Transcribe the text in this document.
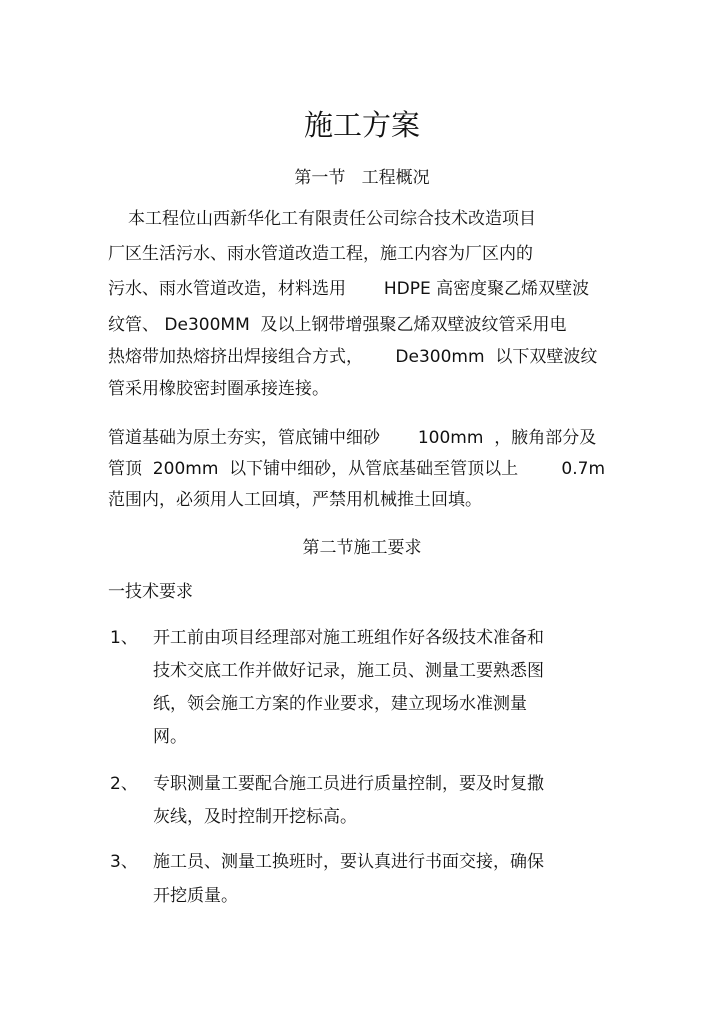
施工方案
第一节   工程概况
本工程位山西新华化工有限责任公司综合技术改造项目
厂区生活污水、雨水管道改造工程，施工内容为厂区内的
污水、雨水管道改造，材料选用       HDPE 高密度聚乙烯双壁波
纹管、 De300MM  及以上钢带增强聚乙烯双壁波纹管采用电
热熔带加热熔挤出焊接组合方式，      De300mm  以下双壁波纹
管采用橡胶密封圈承接连接。
管道基础为原土夯实，管底铺中细砂       100mm  ，腋角部分及
管顶  200mm  以下铺中细砂，从管底基础至管顶以上        0.7m
范围内，必须用人工回填，严禁用机械推土回填。
第二节施工要求
一技术要求
1、 开工前由项目经理部对施工班组作好各级技术准备和
技术交底工作并做好记录，施工员、测量工要熟悉图
纸，领会施工方案的作业要求，建立现场水准测量
网。
2、 专职测量工要配合施工员进行质量控制，要及时复撒
灰线，及时控制开挖标高。
3、 施工员、测量工换班时，要认真进行书面交接，确保
开挖质量。
